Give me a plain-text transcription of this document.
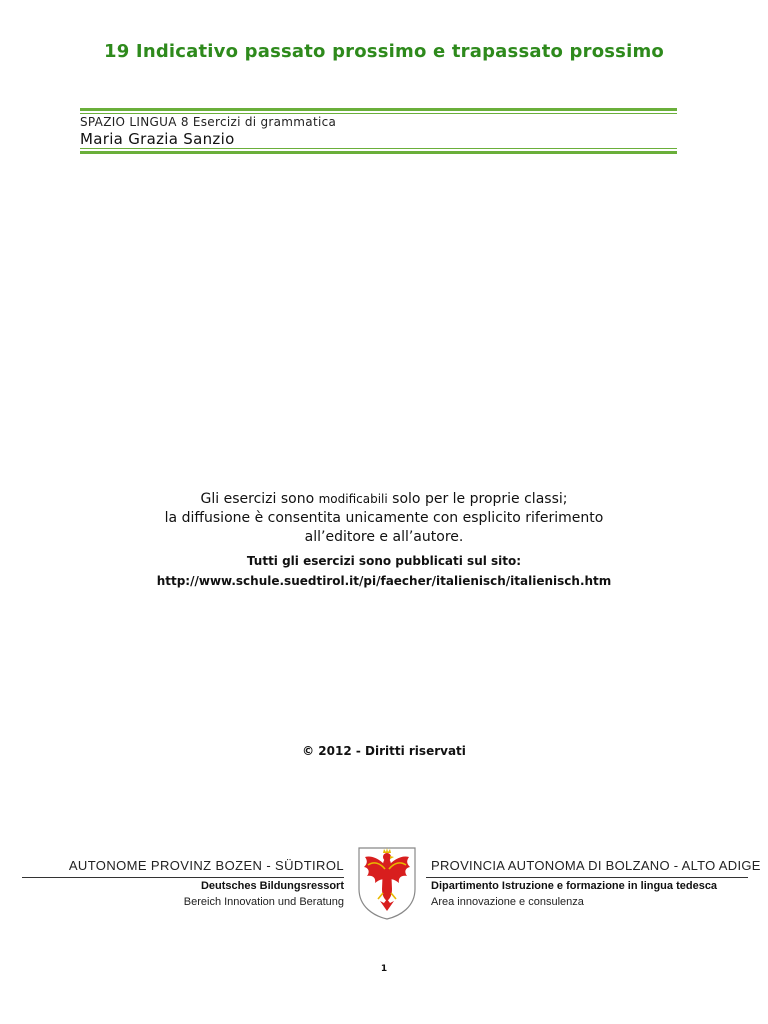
19 Indicativo passato prossimo e trapassato prossimo
SPAZIO LINGUA 8 Esercizi di grammatica
Maria Grazia Sanzio
Gli esercizi sono modificabili solo per le proprie classi;
la diffusione è consentita unicamente con esplicito riferimento
all’editore e all’autore.
Tutti gli esercizi sono pubblicati sul sito:
http://www.schule.suedtirol.it/pi/faecher/italienisch/italienisch.htm
© 2012 - Diritti riservati
AUTONOME PROVINZ BOZEN - SÜDTIROL
Deutsches Bildungsressort
Bereich Innovation und Beratung
PROVINCIA AUTONOMA DI BOLZANO - ALTO ADIGE
Dipartimento Istruzione e formazione in lingua tedesca
Area innovazione e consulenza
1
